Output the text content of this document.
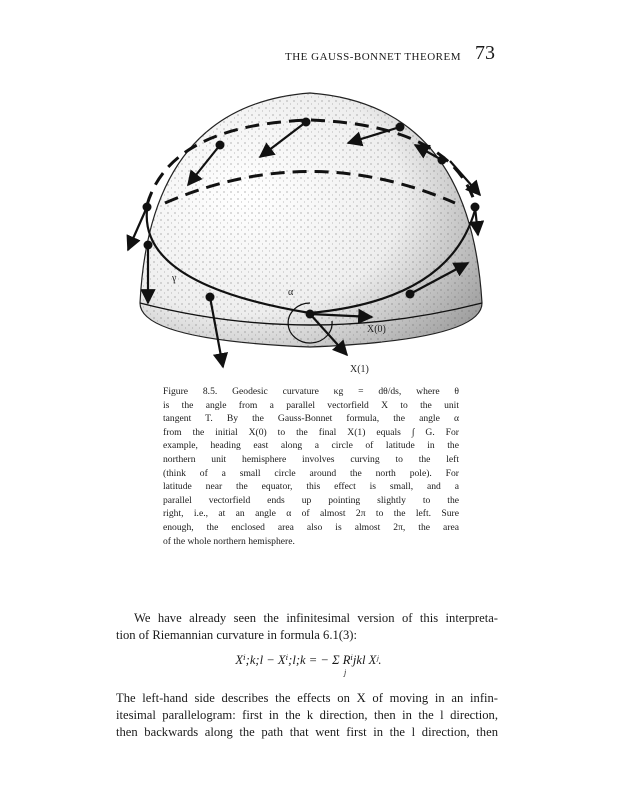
THE GAUSS-BONNET THEOREM 73
γ
α
X(0)
X(1)
Figure 8.5. Geodesic curvature κg = dθ/ds, where θ
is the angle from a parallel vectorfield X to the unit
tangent T. By the Gauss-Bonnet formula, the angle α
from the initial X(0) to the final X(1) equals ∫ G. For
example, heading east along a circle of latitude in the
northern unit hemisphere involves curving to the left
(think of a small circle around the north pole). For
latitude near the equator, this effect is small, and a
parallel vectorfield ends up pointing slightly to the
right, i.e., at an angle α of almost 2π to the left. Sure
enough, the enclosed area also is almost 2π, the area
of the whole northern hemisphere.
We have already seen the infinitesimal version of this interpreta-
tion of Riemannian curvature in formula 6.1(3):
Xⁱ;k;l − Xⁱ;l;k = − Σ Rⁱjkl Xʲ.
j
The left-hand side describes the effects on X of moving in an infin-
itesimal parallelogram: first in the k direction, then in the l direction,
then backwards along the path that went first in the l direction, then
